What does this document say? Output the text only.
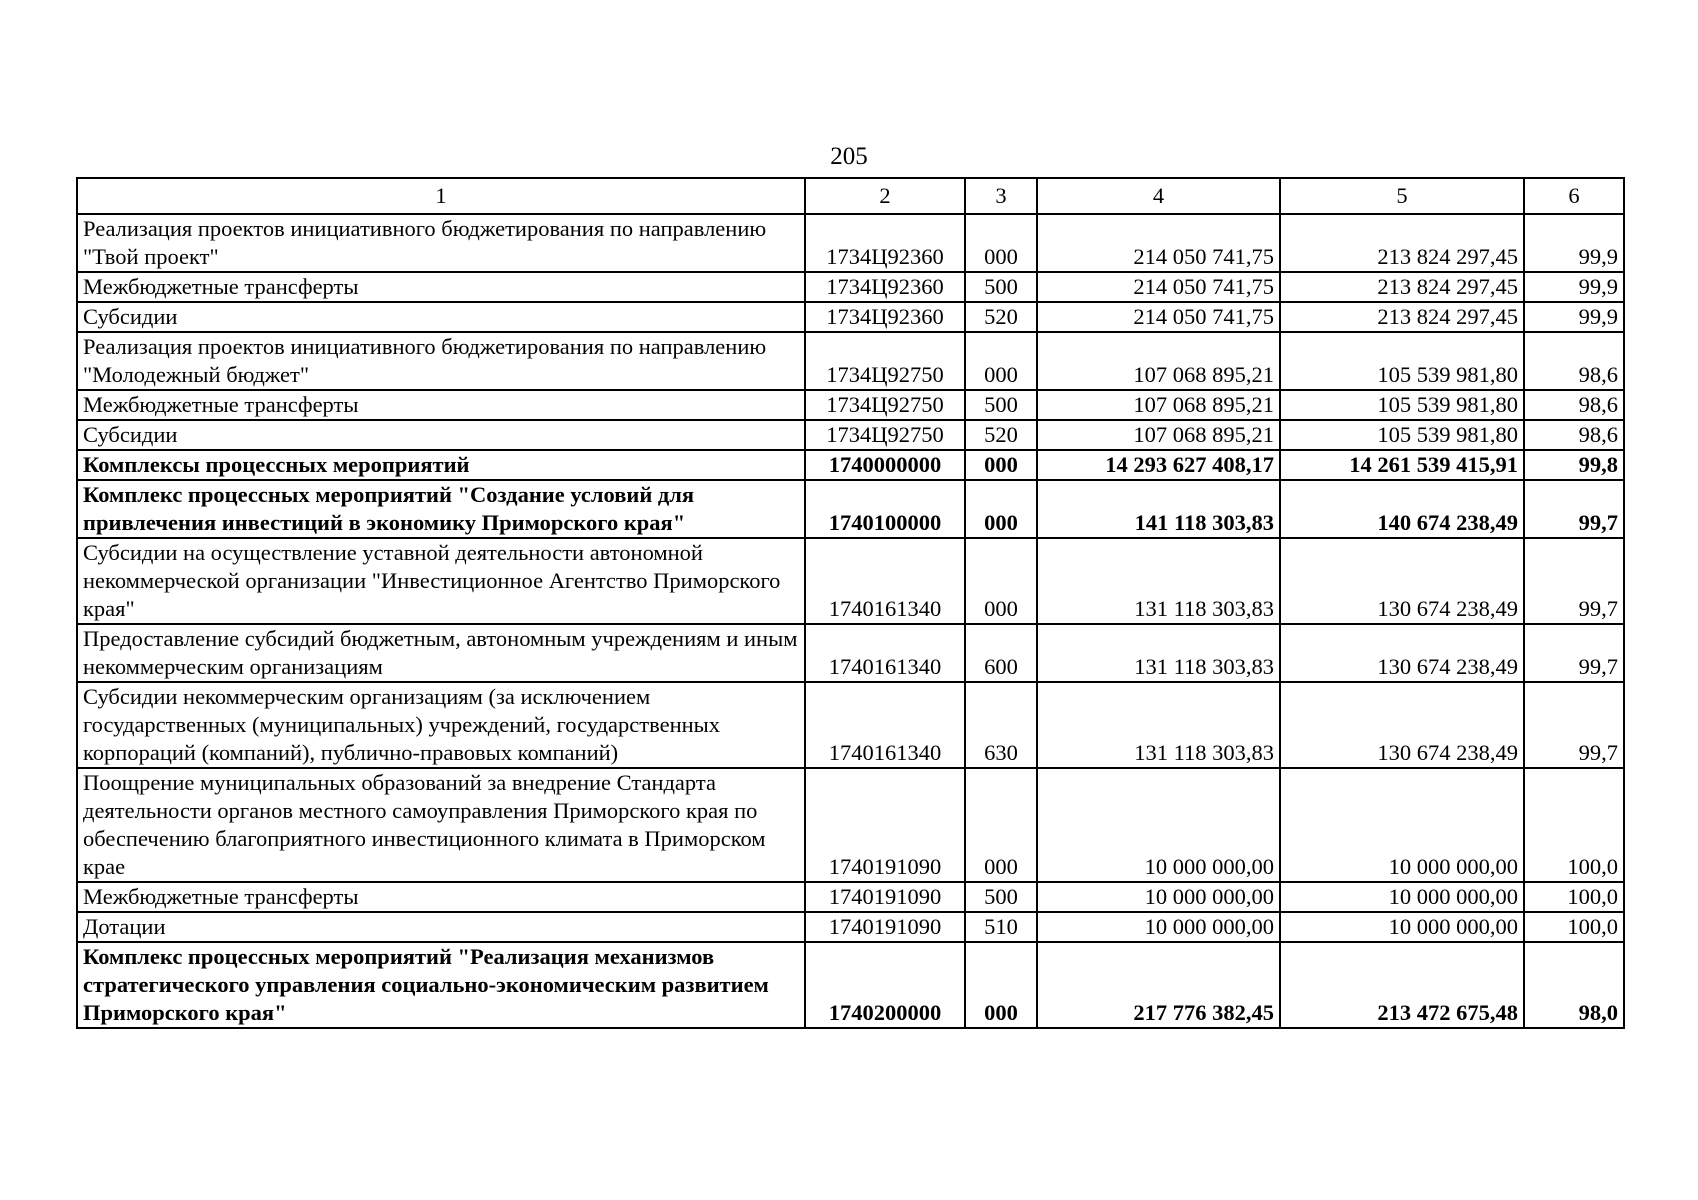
205
1	2	3	4	5	6
Реализация проектов инициативного бюджетирования по направлению "Твой проект"	1734Ц92360	000	214 050 741,75	213 824 297,45	99,9
Межбюджетные трансферты	1734Ц92360	500	214 050 741,75	213 824 297,45	99,9
Субсидии	1734Ц92360	520	214 050 741,75	213 824 297,45	99,9
Реализация проектов инициативного бюджетирования по направлению "Молодежный бюджет"	1734Ц92750	000	107 068 895,21	105 539 981,80	98,6
Межбюджетные трансферты	1734Ц92750	500	107 068 895,21	105 539 981,80	98,6
Субсидии	1734Ц92750	520	107 068 895,21	105 539 981,80	98,6
Комплексы процессных мероприятий	1740000000	000	14 293 627 408,17	14 261 539 415,91	99,8
Комплекс процессных мероприятий "Создание условий для привлечения инвестиций в экономику Приморского края"	1740100000	000	141 118 303,83	140 674 238,49	99,7
Субсидии на осуществление уставной деятельности автономной некоммерческой организации "Инвестиционное Агентство Приморского края"	1740161340	000	131 118 303,83	130 674 238,49	99,7
Предоставление субсидий бюджетным, автономным учреждениям и иным некоммерческим организациям	1740161340	600	131 118 303,83	130 674 238,49	99,7
Субсидии некоммерческим организациям (за исключением государственных (муниципальных) учреждений, государственных корпораций (компаний), публично-правовых компаний)	1740161340	630	131 118 303,83	130 674 238,49	99,7
Поощрение муниципальных образований за внедрение Стандарта деятельности органов местного самоуправления Приморского края по обеспечению благоприятного инвестиционного климата в Приморском крае	1740191090	000	10 000 000,00	10 000 000,00	100,0
Межбюджетные трансферты	1740191090	500	10 000 000,00	10 000 000,00	100,0
Дотации	1740191090	510	10 000 000,00	10 000 000,00	100,0
Комплекс процессных мероприятий "Реализация механизмов стратегического управления социально-экономическим развитием Приморского края"	1740200000	000	217 776 382,45	213 472 675,48	98,0
